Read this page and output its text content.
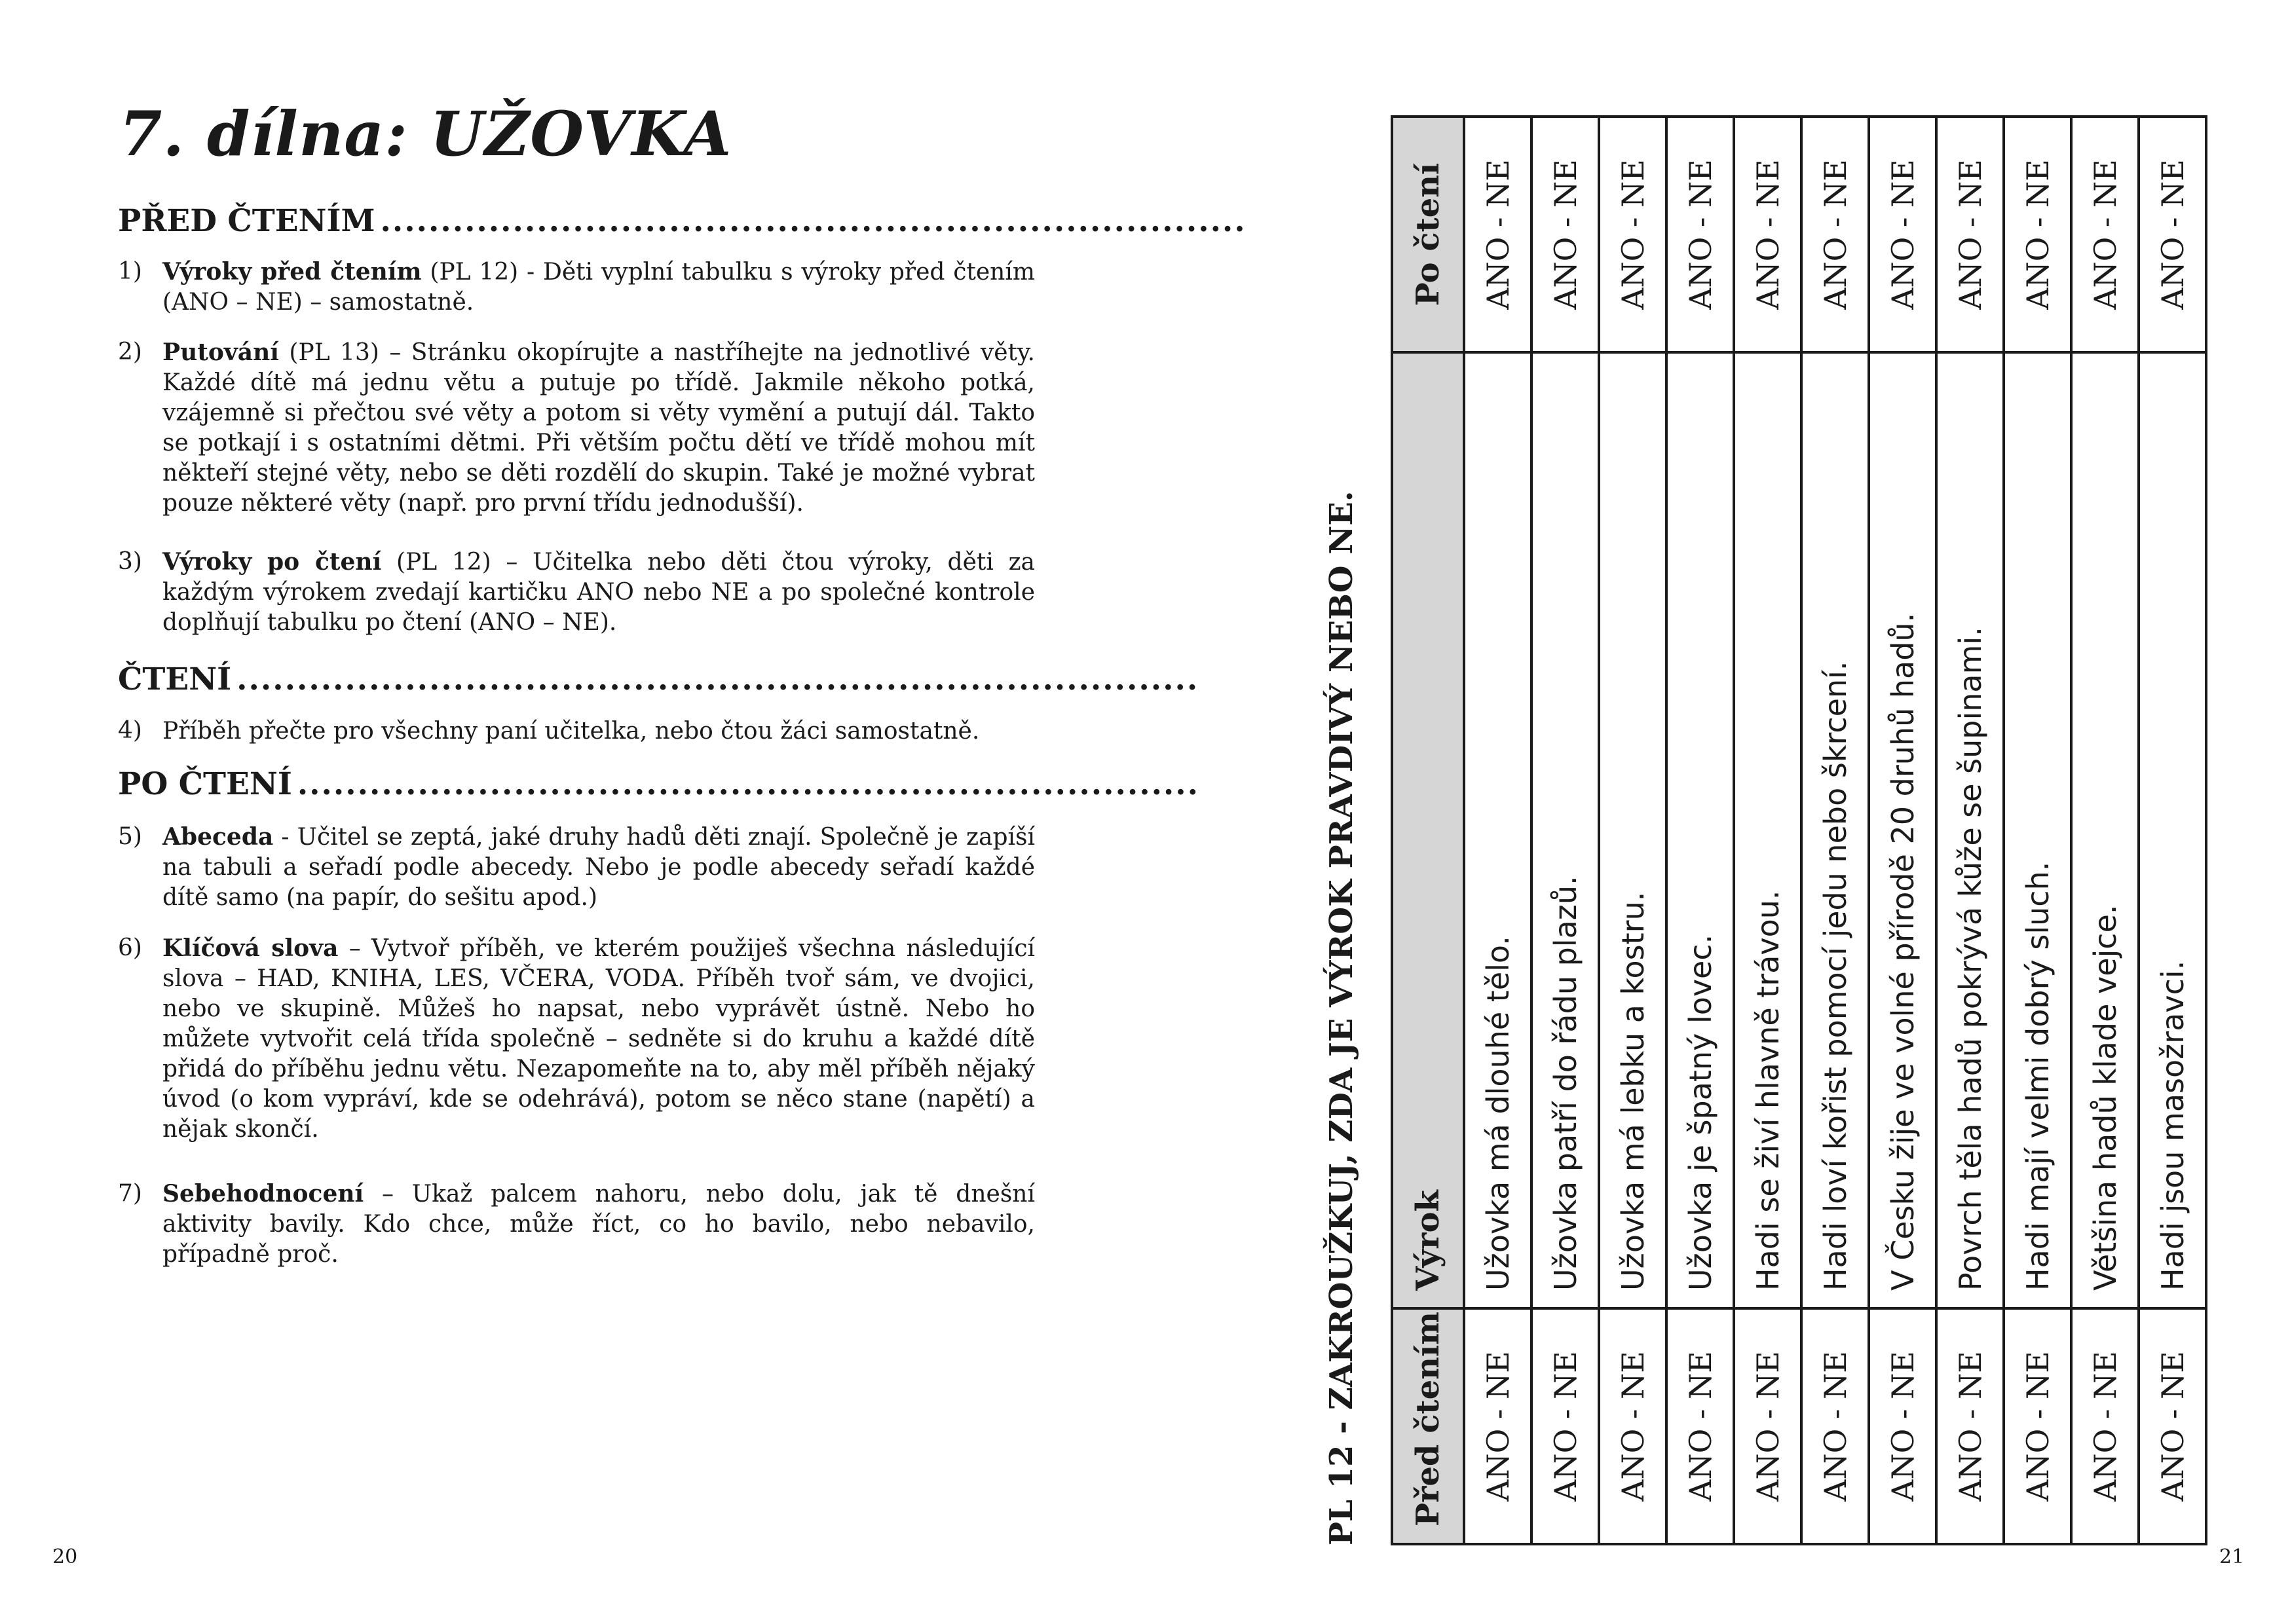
7. dílna: UŽOVKA
PŘED ČTENÍM ........................................................................
1) Výroky před čtením (PL 12) - Děti vyplní tabulku s výroky před čtením (ANO – NE) – samostatně.
2) Putování (PL 13) – Stránku okopírujte a nastříhejte na jednotlivé věty. Každé dítě má jednu větu a putuje po třídě. Jakmile někoho potká, vzájemně si přečtou své věty a potom si věty vymění a putují dál. Takto se potkají i s ostatními dětmi. Při větším počtu dětí ve třídě mohou mít někteří stejné věty, nebo se děti rozdělí do skupin. Také je možné vybrat pouze některé věty (např. pro první třídu jednodušší).
3) Výroky po čtení (PL 12) – Učitelka nebo děti čtou výroky, děti za každým výrokem zvedají kartičku ANO nebo NE a po společné kontrole doplňují tabulku po čtení (ANO – NE).
ČTENÍ ................................................................................
4) Příběh přečte pro všechny paní učitelka, nebo čtou žáci samostatně.
PO ČTENÍ ...........................................................................
5) Abeceda - Učitel se zeptá, jaké druhy hadů děti znají. Společně je zapíší na tabuli a seřadí podle abecedy. Nebo je podle abecedy seřadí každé dítě samo (na papír, do sešitu apod.)
6) Klíčová slova – Vytvoř příběh, ve kterém použiješ všechna následující slova – HAD, KNIHA, LES, VČERA, VODA. Příběh tvoř sám, ve dvojici, nebo ve skupině. Můžeš ho napsat, nebo vyprávět ústně. Nebo ho můžete vytvořit celá třída společně – sedněte si do kruhu a každé dítě přidá do příběhu jednu větu. Nezapomeňte na to, aby měl příběh nějaký úvod (o kom vypráví, kde se odehrává), potom se něco stane (napětí) a nějak skončí.
7) Sebehodnocení – Ukaž palcem nahoru, nebo dolu, jak tě dnešní aktivity bavily. Kdo chce, může říct, co ho bavilo, nebo nebavilo, případně proč.
20
PL 12 - ZAKROUŽKUJ, ZDA JE VÝROK PRAVDIVÝ NEBO NE.	Před čtením	Výrok	Po čtení
ANO - NE	Užovka má dlouhé tělo.	ANO - NE
ANO - NE	Užovka patří do řádu plazů.	ANO - NE
ANO - NE	Užovka má lebku a kostru.	ANO - NE
ANO - NE	Užovka je špatný lovec.	ANO - NE
ANO - NE	Hadi se živí hlavně trávou.	ANO - NE
ANO - NE	Hadi loví kořist pomocí jedu nebo škrcení.	ANO - NE
ANO - NE	V Česku žije ve volné přírodě 20 druhů hadů.	ANO - NE
ANO - NE	Povrch těla hadů pokrývá kůže se šupinami.	ANO - NE
ANO - NE	Hadi mají velmi dobrý sluch.	ANO - NE
ANO - NE	Většina hadů klade vejce.	ANO - NE
ANO - NE	Hadi jsou masožravci.	ANO - NE
21
